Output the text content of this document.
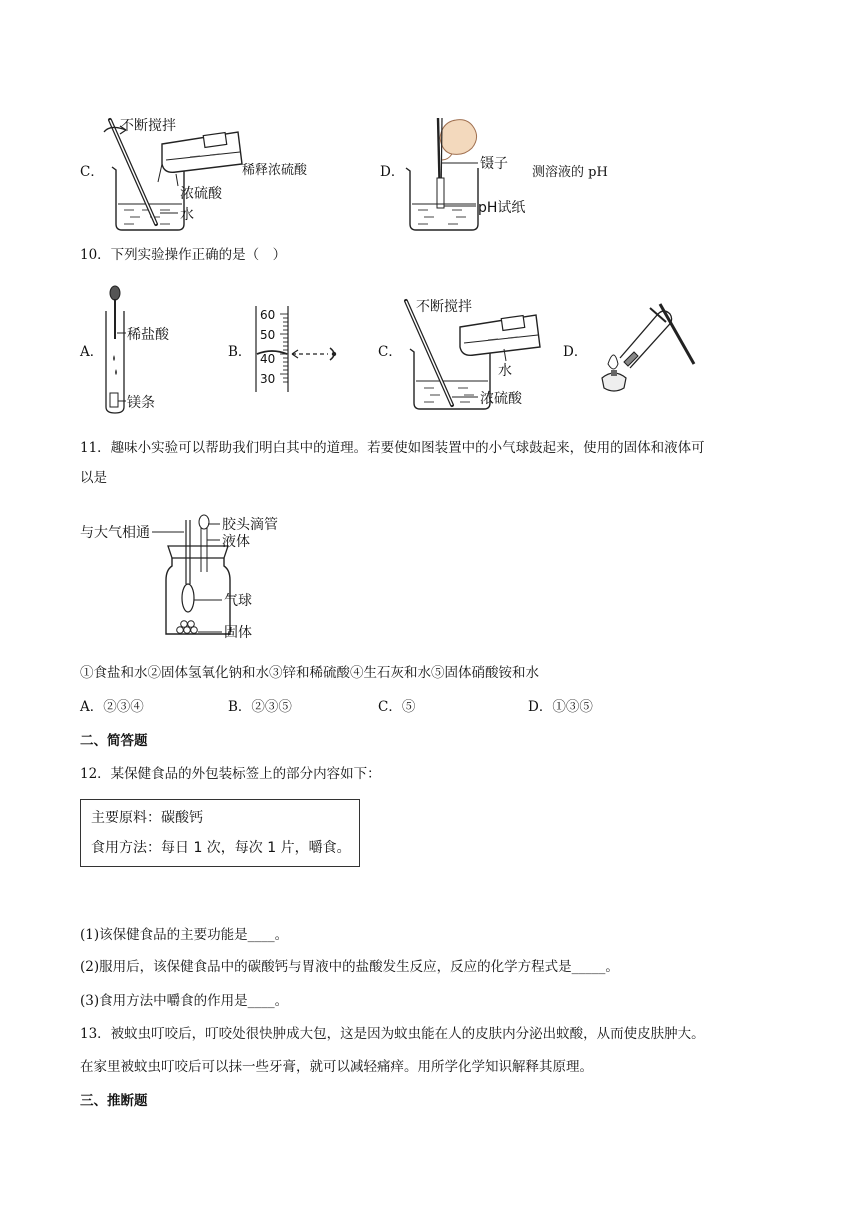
C．
不断搅拌
浓硫酸
水
稀释浓硫酸	D．	镊子
pH试纸
测溶液的 pH
10．下列实验操作正确的是（　）
A．
稀盐酸
镁条
B．
60
50
40
30
C．
不断搅拌
水
浓硫酸
D．
11．趣味小实验可以帮助我们明白其中的道理。若要使如图装置中的小气球鼓起来，使用的固体和液体可
以是
与大气相通	胶头滴管
液体
气球
固体
①食盐和水②固体氢氧化钠和水③锌和稀硫酸④生石灰和水⑤固体硝酸铵和水
A．②③④	B．②③⑤	C．⑤	D．①③⑤
二、简答题
12．某保健食品的外包装标签上的部分内容如下：
主要原料：碳酸钙
食用方法：每日 1 次，每次 1 片，嚼食。
(1)该保健食品的主要功能是____。
(2)服用后，该保健食品中的碳酸钙与胃液中的盐酸发生反应，反应的化学方程式是_____。
(3)食用方法中嚼食的作用是____。
13．被蚊虫叮咬后，叮咬处很快肿成大包，这是因为蚊虫能在人的皮肤内分泌出蚊酸，从而使皮肤肿大。
在家里被蚊虫叮咬后可以抹一些牙膏，就可以减轻痛痒。用所学化学知识解释其原理。
三、推断题
